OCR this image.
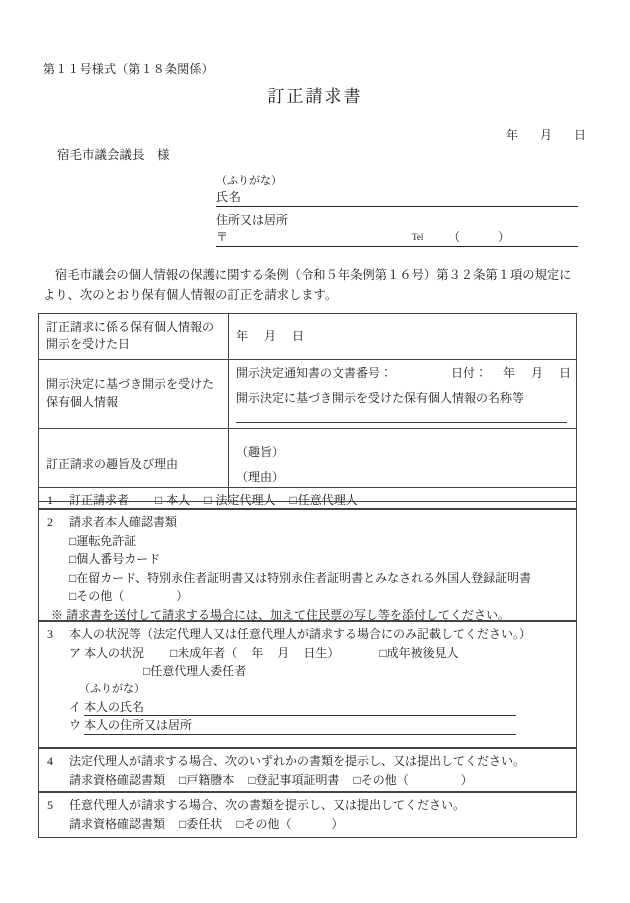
第１１号様式（第１８条関係）
訂正請求書
年 月 日
宿毛市議会議長　様
（ふりがな）
氏名
住所又は居所
〒	Tel （	）
宿毛市議会の個人情報の保護に関する条例（令和５年条例第１６号）第３２条第１項の規定により、次のとおり保有個人情報の訂正を請求します。
訂正請求に係る保有個人情報の開示を受けた日	年 月 日
開示決定に基づき開示を受けた保有個人情報	開示決定通知書の文書番号： 日付： 年 月 日
開示決定に基づき開示を受けた保有個人情報の名称等

訂正請求の趣旨及び理由	（趣旨）
（理由）
1 訂正請求者 □ 本人 □ 法定代理人 □任意代理人
2 請求者本人確認書類
□運転免許証
□個人番号カード
□在留カード、特別永住者証明書又は特別永住者証明書とみなされる外国人登録証明書
□その他（	）
※ 請求書を送付して請求する場合には、加えて住民票の写し等を添付してください。
3 本人の状況等（法定代理人又は任意代理人が請求する場合にのみ記載してください。）
ア 本人の状況 □未成年者（ 年 月 日生）	□成年被後見人
□任意代理人委任者
（ふりがな）
イ 本人の氏名
ウ 本人の住所又は居所
4 法定代理人が請求する場合、次のいずれかの書類を提示し、又は提出してください。
請求資格確認書類 □戸籍謄本 □登記事項証明書 □その他（	）
5 任意代理人が請求する場合、次の書類を提示し、又は提出してください。
請求資格確認書類 □委任状 □その他（	）
